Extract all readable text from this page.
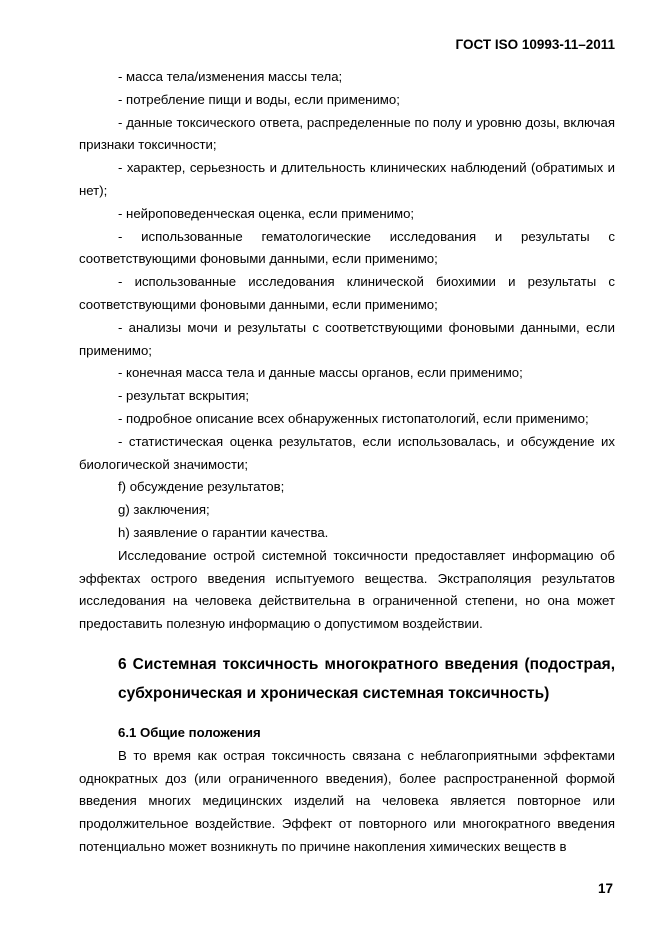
ГОСТ ISO 10993-11–2011

- масса тела/изменения массы тела;

- потребление пищи и воды, если применимо;

- данные токсического ответа, распределенные по полу и уровню дозы, включая признаки токсичности;

- характер, серьезность и длительность клинических наблюдений (обратимых и нет);

- нейроповеденческая оценка, если применимо;

- использованные гематологические исследования и результаты с соответствующими фоновыми данными, если применимо;

- использованные исследования клинической биохимии и результаты с соответствующими фоновыми данными, если применимо;

- анализы мочи и результаты с соответствующими фоновыми данными, если применимо;

- конечная масса тела и данные массы органов, если применимо;

- результат вскрытия;

- подробное описание всех обнаруженных гистопатологий, если применимо;

- статистическая оценка результатов, если использовалась, и обсуждение их биологической значимости;

f) обсуждение результатов;

g) заключения;

h) заявление о гарантии качества.

Исследование острой системной токсичности предоставляет информацию об эффектах острого введения испытуемого вещества. Экстраполяция результатов исследования на человека действительна в ограниченной степени, но она может предоставить полезную информацию о допустимом воздействии.

6 Системная токсичность многократного введения (подострая, субхроническая и хроническая системная токсичность)
6.1 Общие положения

В то время как острая токсичность связана с неблагоприятными эффектами однократных доз (или ограниченного введения), более распространенной формой введения многих медицинских изделий на человека является повторное или продолжительное воздействие. Эффект от повторного или многократного введения потенциально может возникнуть по причине накопления химических веществ в

17
